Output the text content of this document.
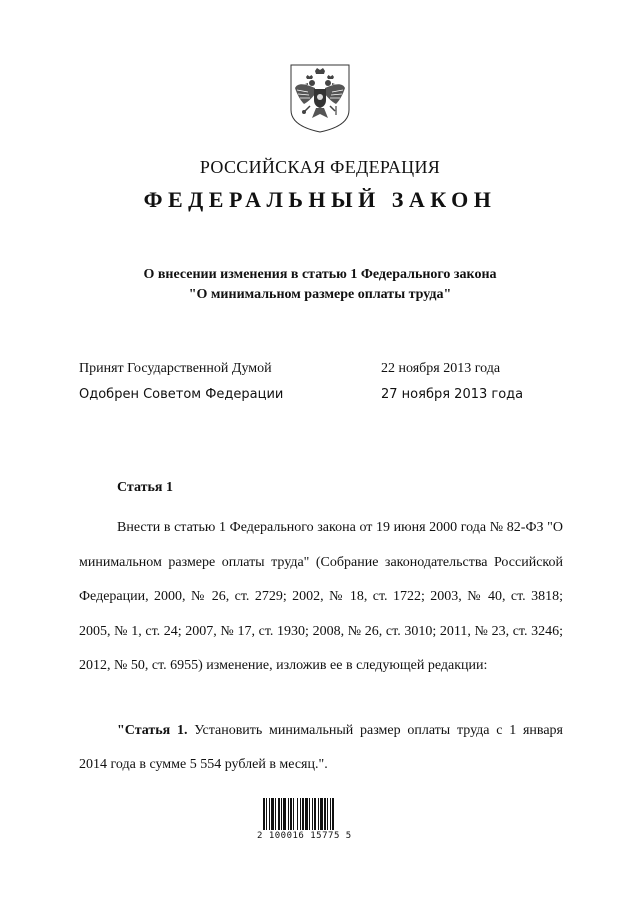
РОССИЙСКАЯ ФЕДЕРАЦИЯ
ФЕДЕРАЛЬНЫЙ ЗАКОН
О внесении изменения в статью 1 Федерального закона
"О минимальном размере оплаты труда"
Принят Государственной Думой	22 ноября 2013 года
Одобрен Советом Федерации	27 ноября 2013 года
Статья 1

Внести в статью 1 Федерального закона от 19 июня 2000 года № 82-ФЗ "О минимальном размере оплаты труда" (Собрание законодательства Российской Федерации, 2000, № 26, ст. 2729; 2002, № 18, ст. 1722; 2003, № 40, ст. 3818; 2005, № 1, ст. 24; 2007, № 17, ст. 1930; 2008, № 26, ст. 3010; 2011, № 23, ст. 3246; 2012, № 50, ст. 6955) изменение, изложив ее в следующей редакции:

"Статья 1. Установить минимальный размер оплаты труда с 1 января 2014 года в сумме 5 554 рублей в месяц.".

2 100016 15775 5
